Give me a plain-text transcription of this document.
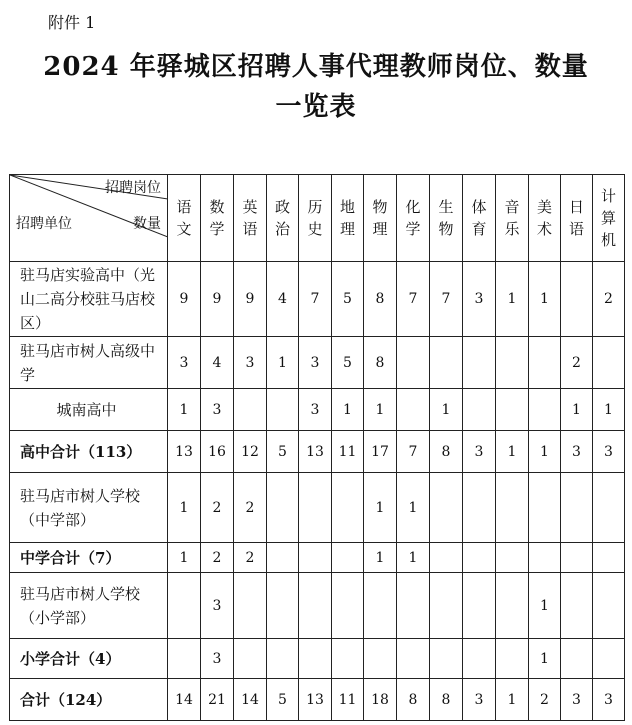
附件 1
2024 年驿城区招聘人事代理教师岗位、数量
一览表
招聘岗位
数量
招聘单位	语文	数学	英语	政治	历史	地理	物理	化学	生物	体育	音乐	美术	日语	计算机
驻马店实验高中（光山二高分校驻马店校区）	9	9	9	4	7	5	8	7	7	3	1	1		2
驻马店市树人高级中学	3	4	3	1	3	5	8						2	
城南高中	1	3			3	1	1		1				1	1
高中合计（113）	13	16	12	5	13	11	17	7	8	3	1	1	3	3
驻马店市树人学校（中学部）	1	2	2				1	1						
中学合计（7）	1	2	2				1	1						
驻马店市树人学校（小学部）		3										1		
小学合计（4）		3										1		
合计（124）	14	21	14	5	13	11	18	8	8	3	1	2	3	3
